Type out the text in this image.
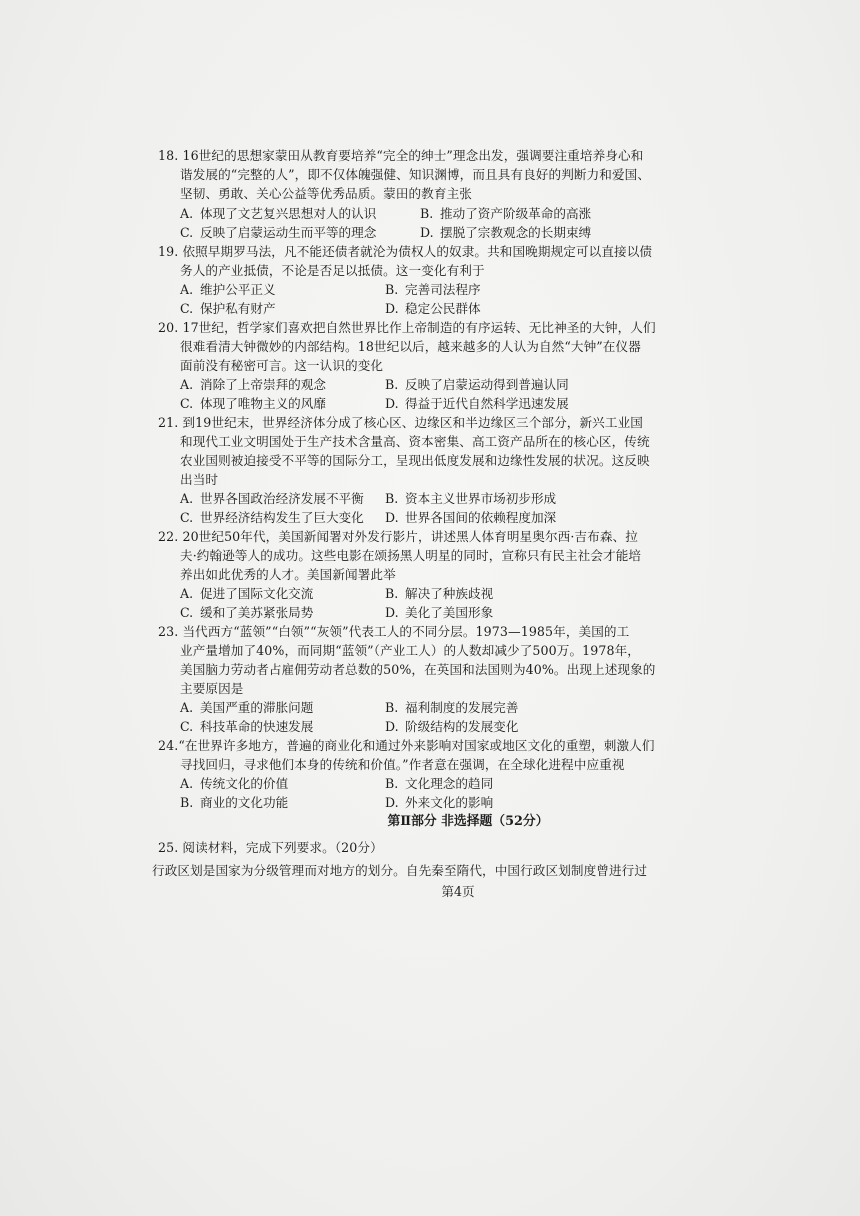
18. 16世纪的思想家蒙田从教育要培养“完全的绅士”理念出发，强调要注重培养身心和
谐发展的“完整的人”，即不仅体魄强健、知识渊博，而且具有良好的判断力和爱国、
坚韧、勇敢、关心公益等优秀品质。蒙田的教育主张
A. 体现了文艺复兴思想对人的认识	B. 推动了资产阶级革命的高涨
C. 反映了启蒙运动生而平等的理念	D. 摆脱了宗教观念的长期束缚
19. 依照早期罗马法，凡不能还债者就沦为债权人的奴隶。共和国晚期规定可以直接以债
务人的产业抵债，不论是否足以抵债。这一变化有利于
A. 维护公平正义	B. 完善司法程序
C. 保护私有财产	D. 稳定公民群体
20. 17世纪，哲学家们喜欢把自然世界比作上帝制造的有序运转、无比神圣的大钟，人们
很难看清大钟微妙的内部结构。18世纪以后，越来越多的人认为自然“大钟”在仪器
面前没有秘密可言。这一认识的变化
A. 消除了上帝崇拜的观念	B. 反映了启蒙运动得到普遍认同
C. 体现了唯物主义的风靡	D. 得益于近代自然科学迅速发展
21. 到19世纪末，世界经济体分成了核心区、边缘区和半边缘区三个部分，新兴工业国
和现代工业文明国处于生产技术含量高、资本密集、高工资产品所在的核心区，传统
农业国则被迫接受不平等的国际分工，呈现出低度发展和边缘性发展的状况。这反映
出当时
A. 世界各国政治经济发展不平衡 B. 资本主义世界市场初步形成
C. 世界经济结构发生了巨大变化 D. 世界各国间的依赖程度加深
22. 20世纪50年代，美国新闻署对外发行影片，讲述黑人体育明星奥尔西·吉布森、拉
夫·约翰逊等人的成功。这些电影在颂扬黑人明星的同时，宣称只有民主社会才能培
养出如此优秀的人才。美国新闻署此举
A. 促进了国际文化交流	B. 解决了种族歧视
C. 缓和了美苏紧张局势	D. 美化了美国形象
23. 当代西方“蓝领”“白领”“灰领”代表工人的不同分层。1973—1985年，美国的工
业产量增加了40%，而同期“蓝领”（产业工人）的人数却减少了500万。1978年，
美国脑力劳动者占雇佣劳动者总数的50%，在英国和法国则为40%。出现上述现象的
主要原因是
A. 美国严重的滞胀问题	B. 福利制度的发展完善
C. 科技革命的快速发展	D. 阶级结构的发展变化
24.“在世界许多地方，普遍的商业化和通过外来影响对国家或地区文化的重塑，刺激人们
寻找回归，寻求他们本身的传统和价值。”作者意在强调，在全球化进程中应重视
A. 传统文化的价值	B. 文化理念的趋同
B. 商业的文化功能	D. 外来文化的影响
第Ⅱ部分 非选择题（52分）
25. 阅读材料，完成下列要求。（20分）
行政区划是国家为分级管理而对地方的划分。自先秦至隋代，中国行政区划制度曾进行过
第4页
